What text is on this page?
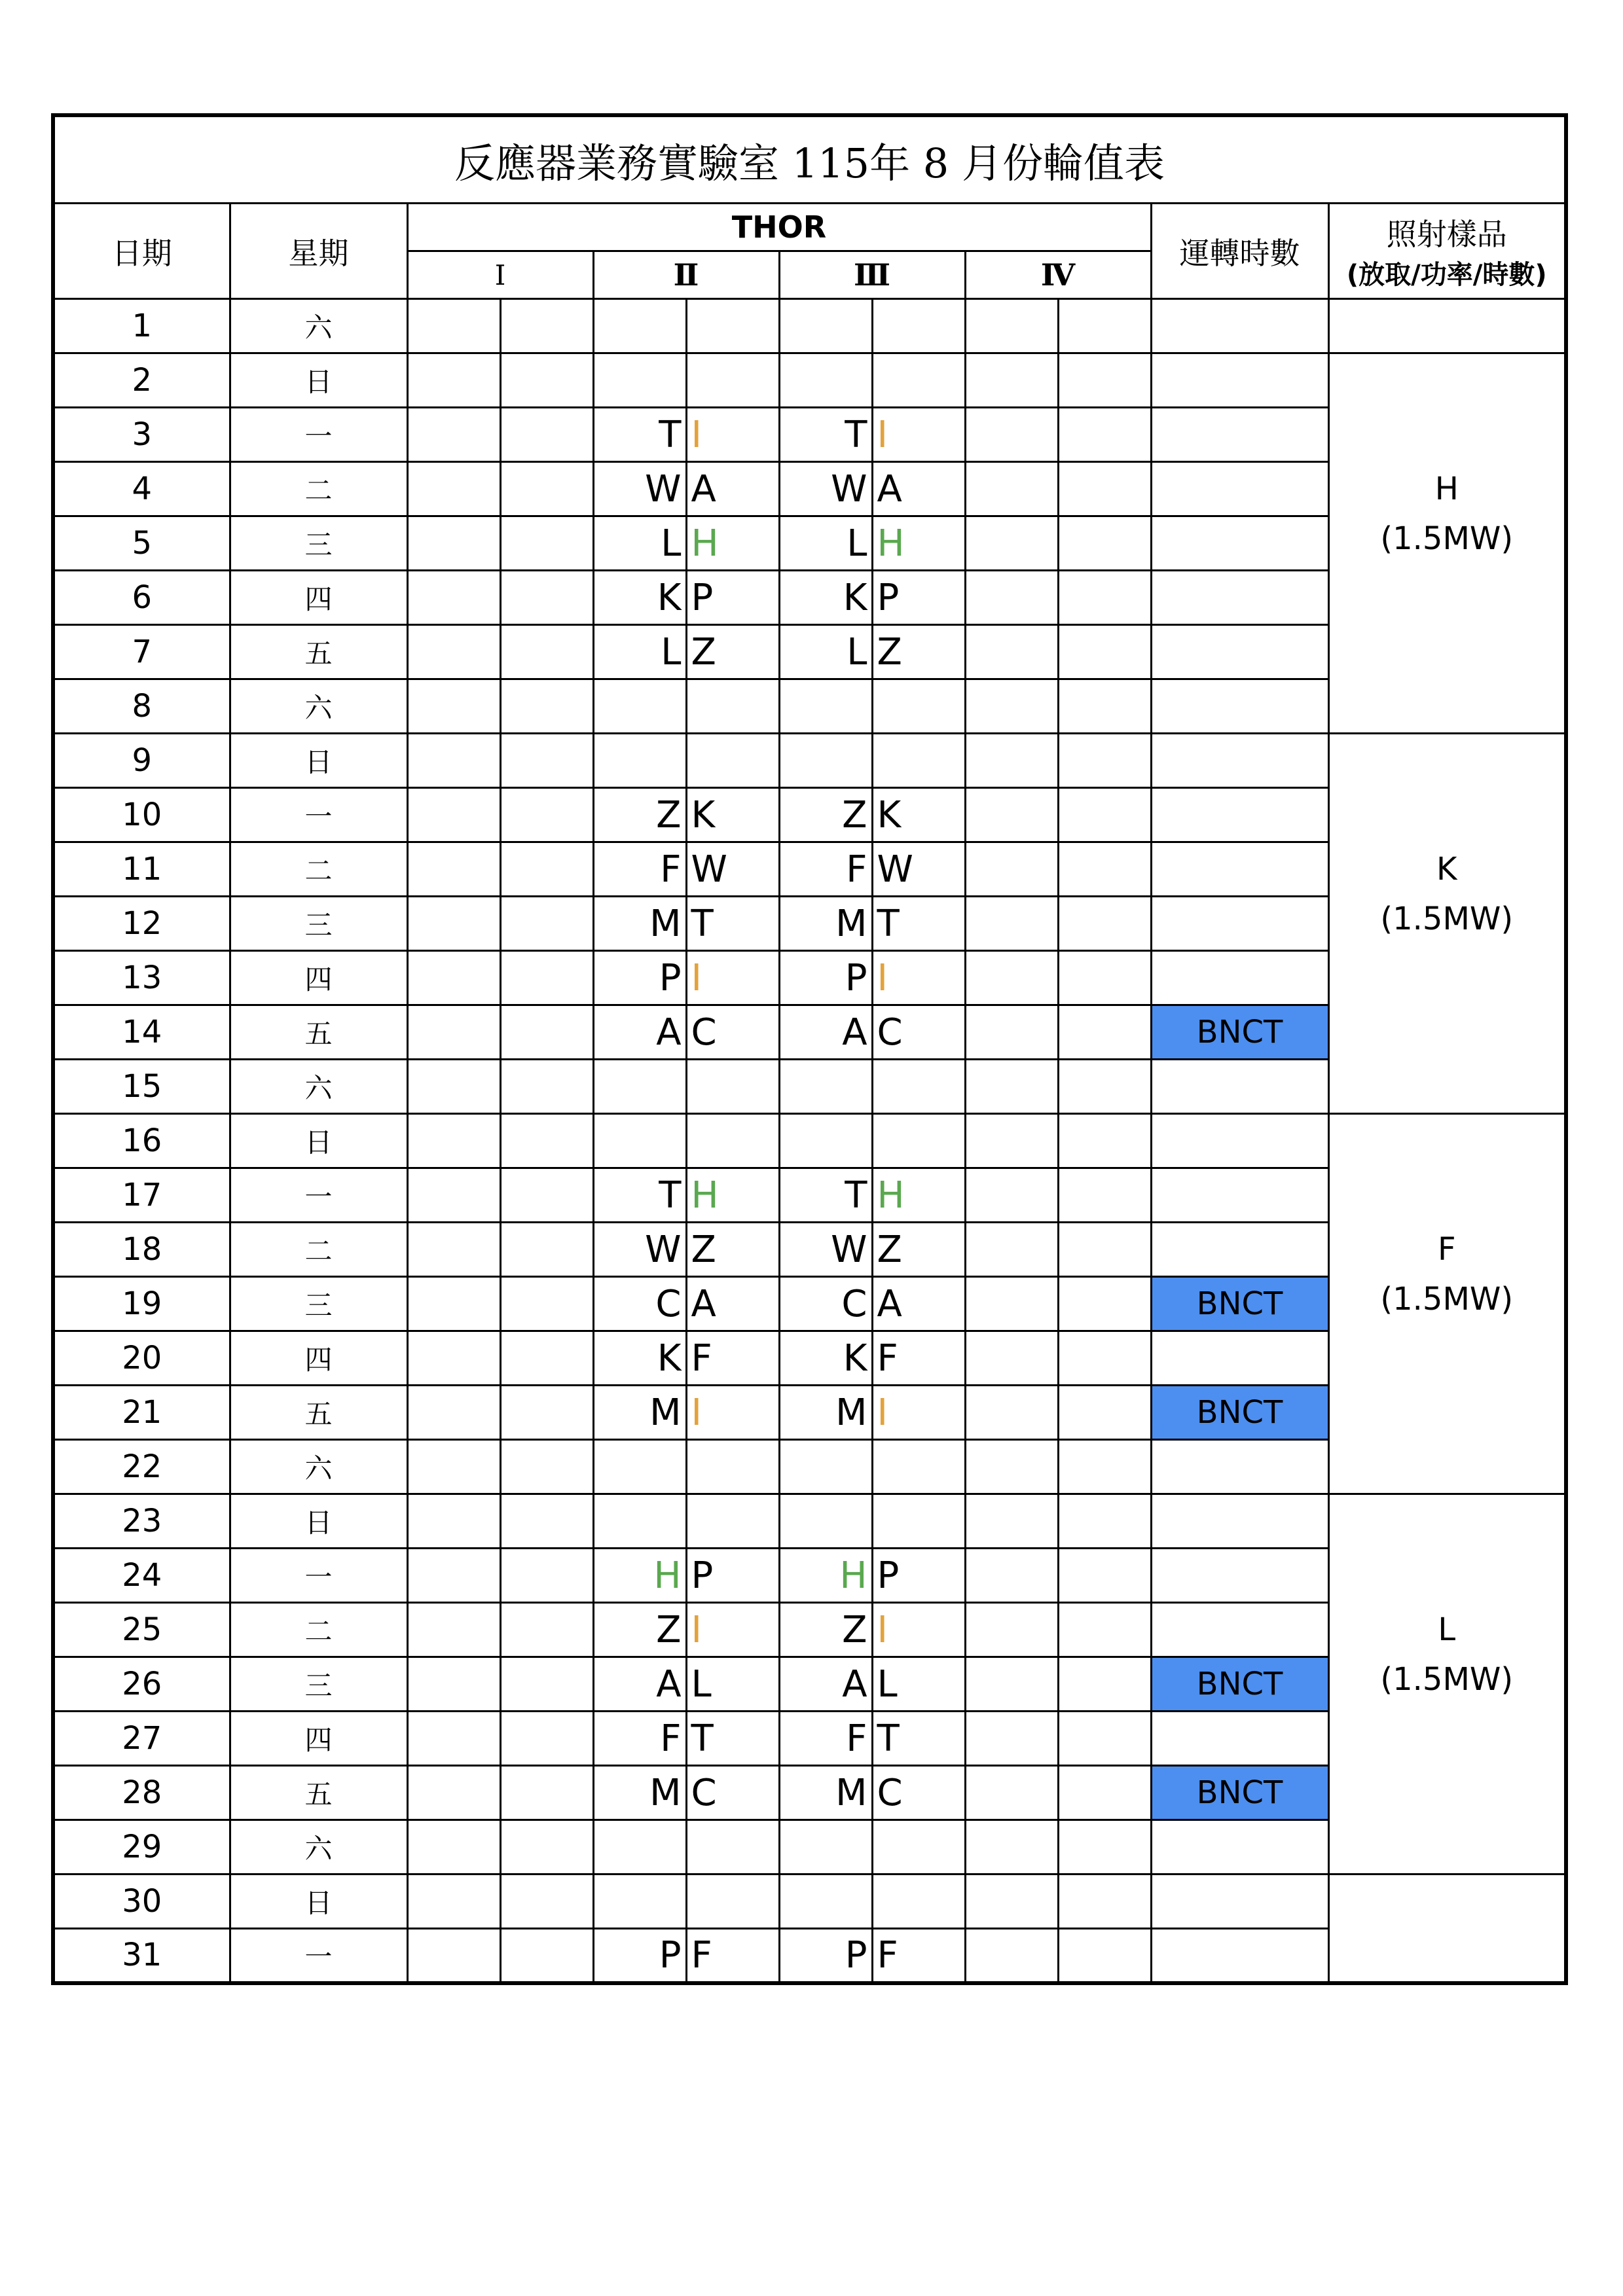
反應器業務實驗室 115年 8 月份輪值表											
日期	星期	THOR								運轉時數	照射樣品
(放取/功率/時數)

		Ⅰ		Ⅱ		Ⅲ		Ⅳ			
1	六										

2	日										H
(1.5MW)

3	一			T	I	T	I				
4	二			W	A	W	A				
5	三			L	H	L	H				
6	四			K	P	K	P				
7	五			L	Z	L	Z				
8	六										
9	日										K
(1.5MW)

10	一			Z	K	Z	K				
11	二			F	W	F	W				
12	三			M	T	M	T				
13	四			P	I	P	I				
14	五			A	C	A	C			BNCT	
15	六										
16	日										F
(1.5MW)

17	一			T	H	T	H				
18	二			W	Z	W	Z				
19	三			C	A	C	A			BNCT	
20	四			K	F	K	F				
21	五			M	I	M	I			BNCT	
22	六										
23	日										L
(1.5MW)

24	一			H	P	H	P				
25	二			Z	I	Z	I				
26	三			A	L	A	L			BNCT	
27	四			F	T	F	T				
28	五			M	C	M	C			BNCT	
29	六										
30	日										

31	一			P	F	P	F				
